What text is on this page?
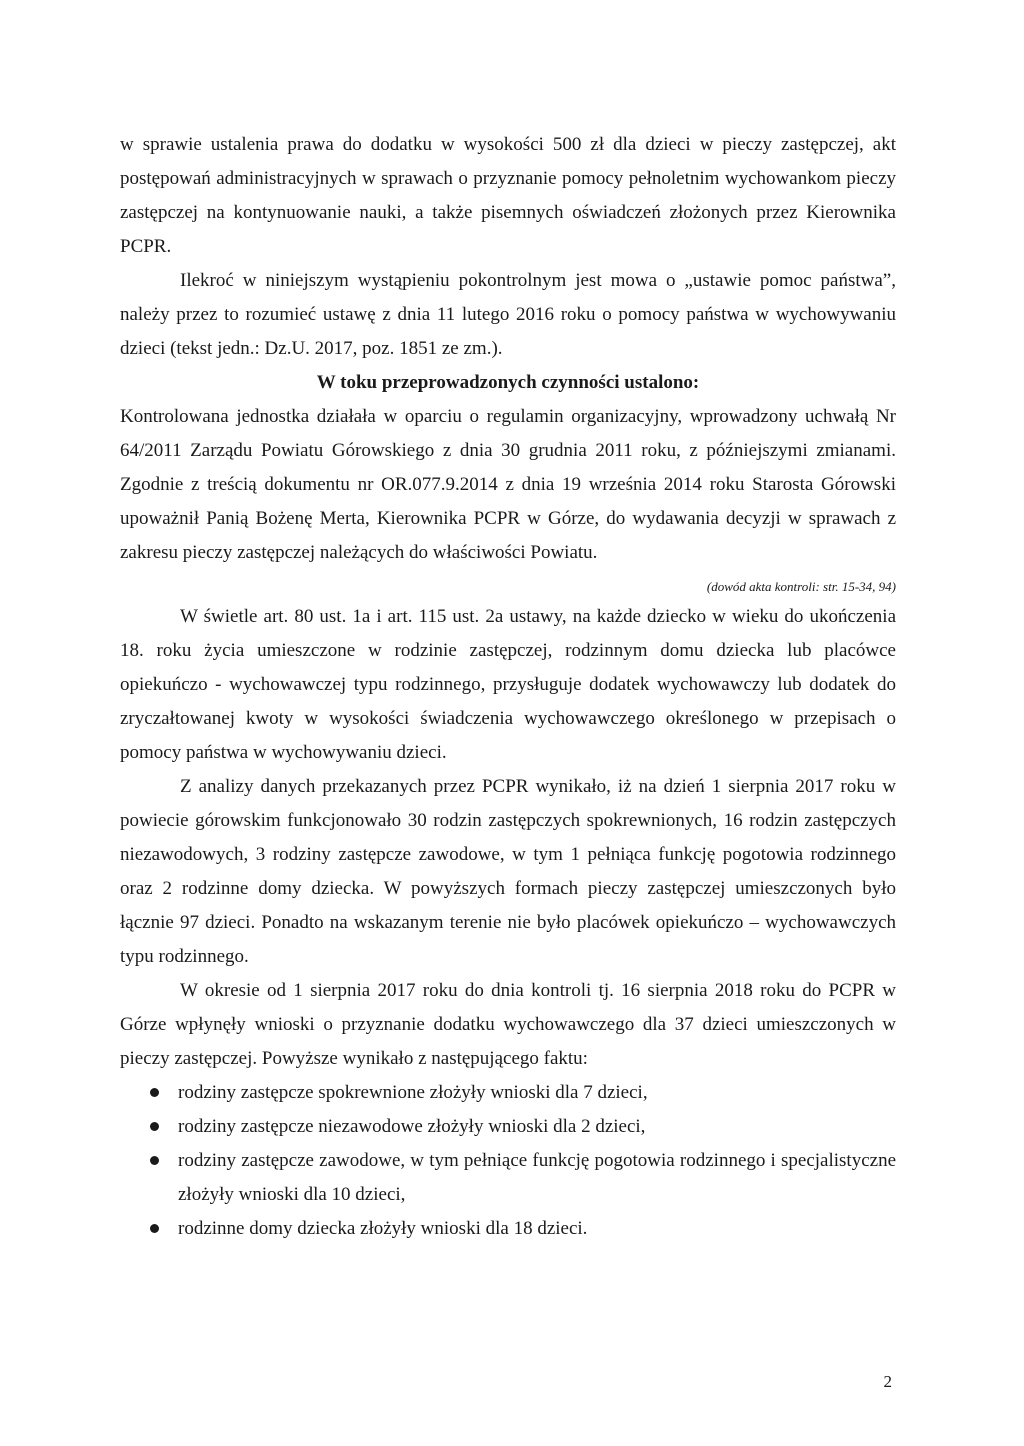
w sprawie ustalenia prawa do dodatku w wysokości 500 zł dla dzieci w pieczy zastępczej, akt postępowań administracyjnych w sprawach o przyznanie pomocy pełnoletnim wychowankom pieczy zastępczej na kontynuowanie nauki, a także pisemnych oświadczeń złożonych przez Kierownika PCPR.

Ilekroć w niniejszym wystąpieniu pokontrolnym jest mowa o „ustawie pomoc państwa”, należy przez to rozumieć ustawę z dnia 11 lutego 2016 roku o pomocy państwa w wychowywaniu dzieci (tekst jedn.: Dz.U. 2017, poz. 1851 ze zm.).

W toku przeprowadzonych czynności ustalono:

Kontrolowana jednostka działała w oparciu o regulamin organizacyjny, wprowadzony uchwałą Nr 64/2011 Zarządu Powiatu Górowskiego z dnia 30 grudnia 2011 roku, z późniejszymi zmianami. Zgodnie z treścią dokumentu nr OR.077.9.2014 z dnia 19 września 2014 roku Starosta Górowski upoważnił Panią Bożenę Merta, Kierownika PCPR w Górze, do wydawania decyzji w sprawach z zakresu pieczy zastępczej należących do właściwości Powiatu.

(dowód akta kontroli: str. 15-34, 94)

W świetle art. 80 ust. 1a i art. 115 ust. 2a ustawy, na każde dziecko w wieku do ukończenia 18. roku życia umieszczone w rodzinie zastępczej, rodzinnym domu dziecka lub placówce opiekuńczo - wychowawczej typu rodzinnego, przysługuje dodatek wychowawczy lub dodatek do zryczałtowanej kwoty w wysokości świadczenia wychowawczego określonego w przepisach o pomocy państwa w wychowywaniu dzieci.

Z analizy danych przekazanych przez PCPR wynikało, iż na dzień 1 sierpnia 2017 roku w powiecie górowskim funkcjonowało 30 rodzin zastępczych spokrewnionych, 16 rodzin zastępczych niezawodowych, 3 rodziny zastępcze zawodowe, w tym 1 pełniąca funkcję pogotowia rodzinnego oraz 2 rodzinne domy dziecka. W powyższych formach pieczy zastępczej umieszczonych było łącznie 97 dzieci. Ponadto na wskazanym terenie nie było placówek opiekuńczo – wychowawczych typu rodzinnego.

W okresie od 1 sierpnia 2017 roku do dnia kontroli tj. 16 sierpnia 2018 roku do PCPR w Górze wpłynęły wnioski o przyznanie dodatku wychowawczego dla 37 dzieci umieszczonych w pieczy zastępczej. Powyższe wynikało z następującego faktu:

rodziny zastępcze spokrewnione złożyły wnioski dla 7 dzieci,
rodziny zastępcze niezawodowe złożyły wnioski dla 2 dzieci,
rodziny zastępcze zawodowe, w tym pełniące funkcję pogotowia rodzinnego i specjalistyczne złożyły wnioski dla 10 dzieci,
rodzinne domy dziecka złożyły wnioski dla 18 dzieci.
2
